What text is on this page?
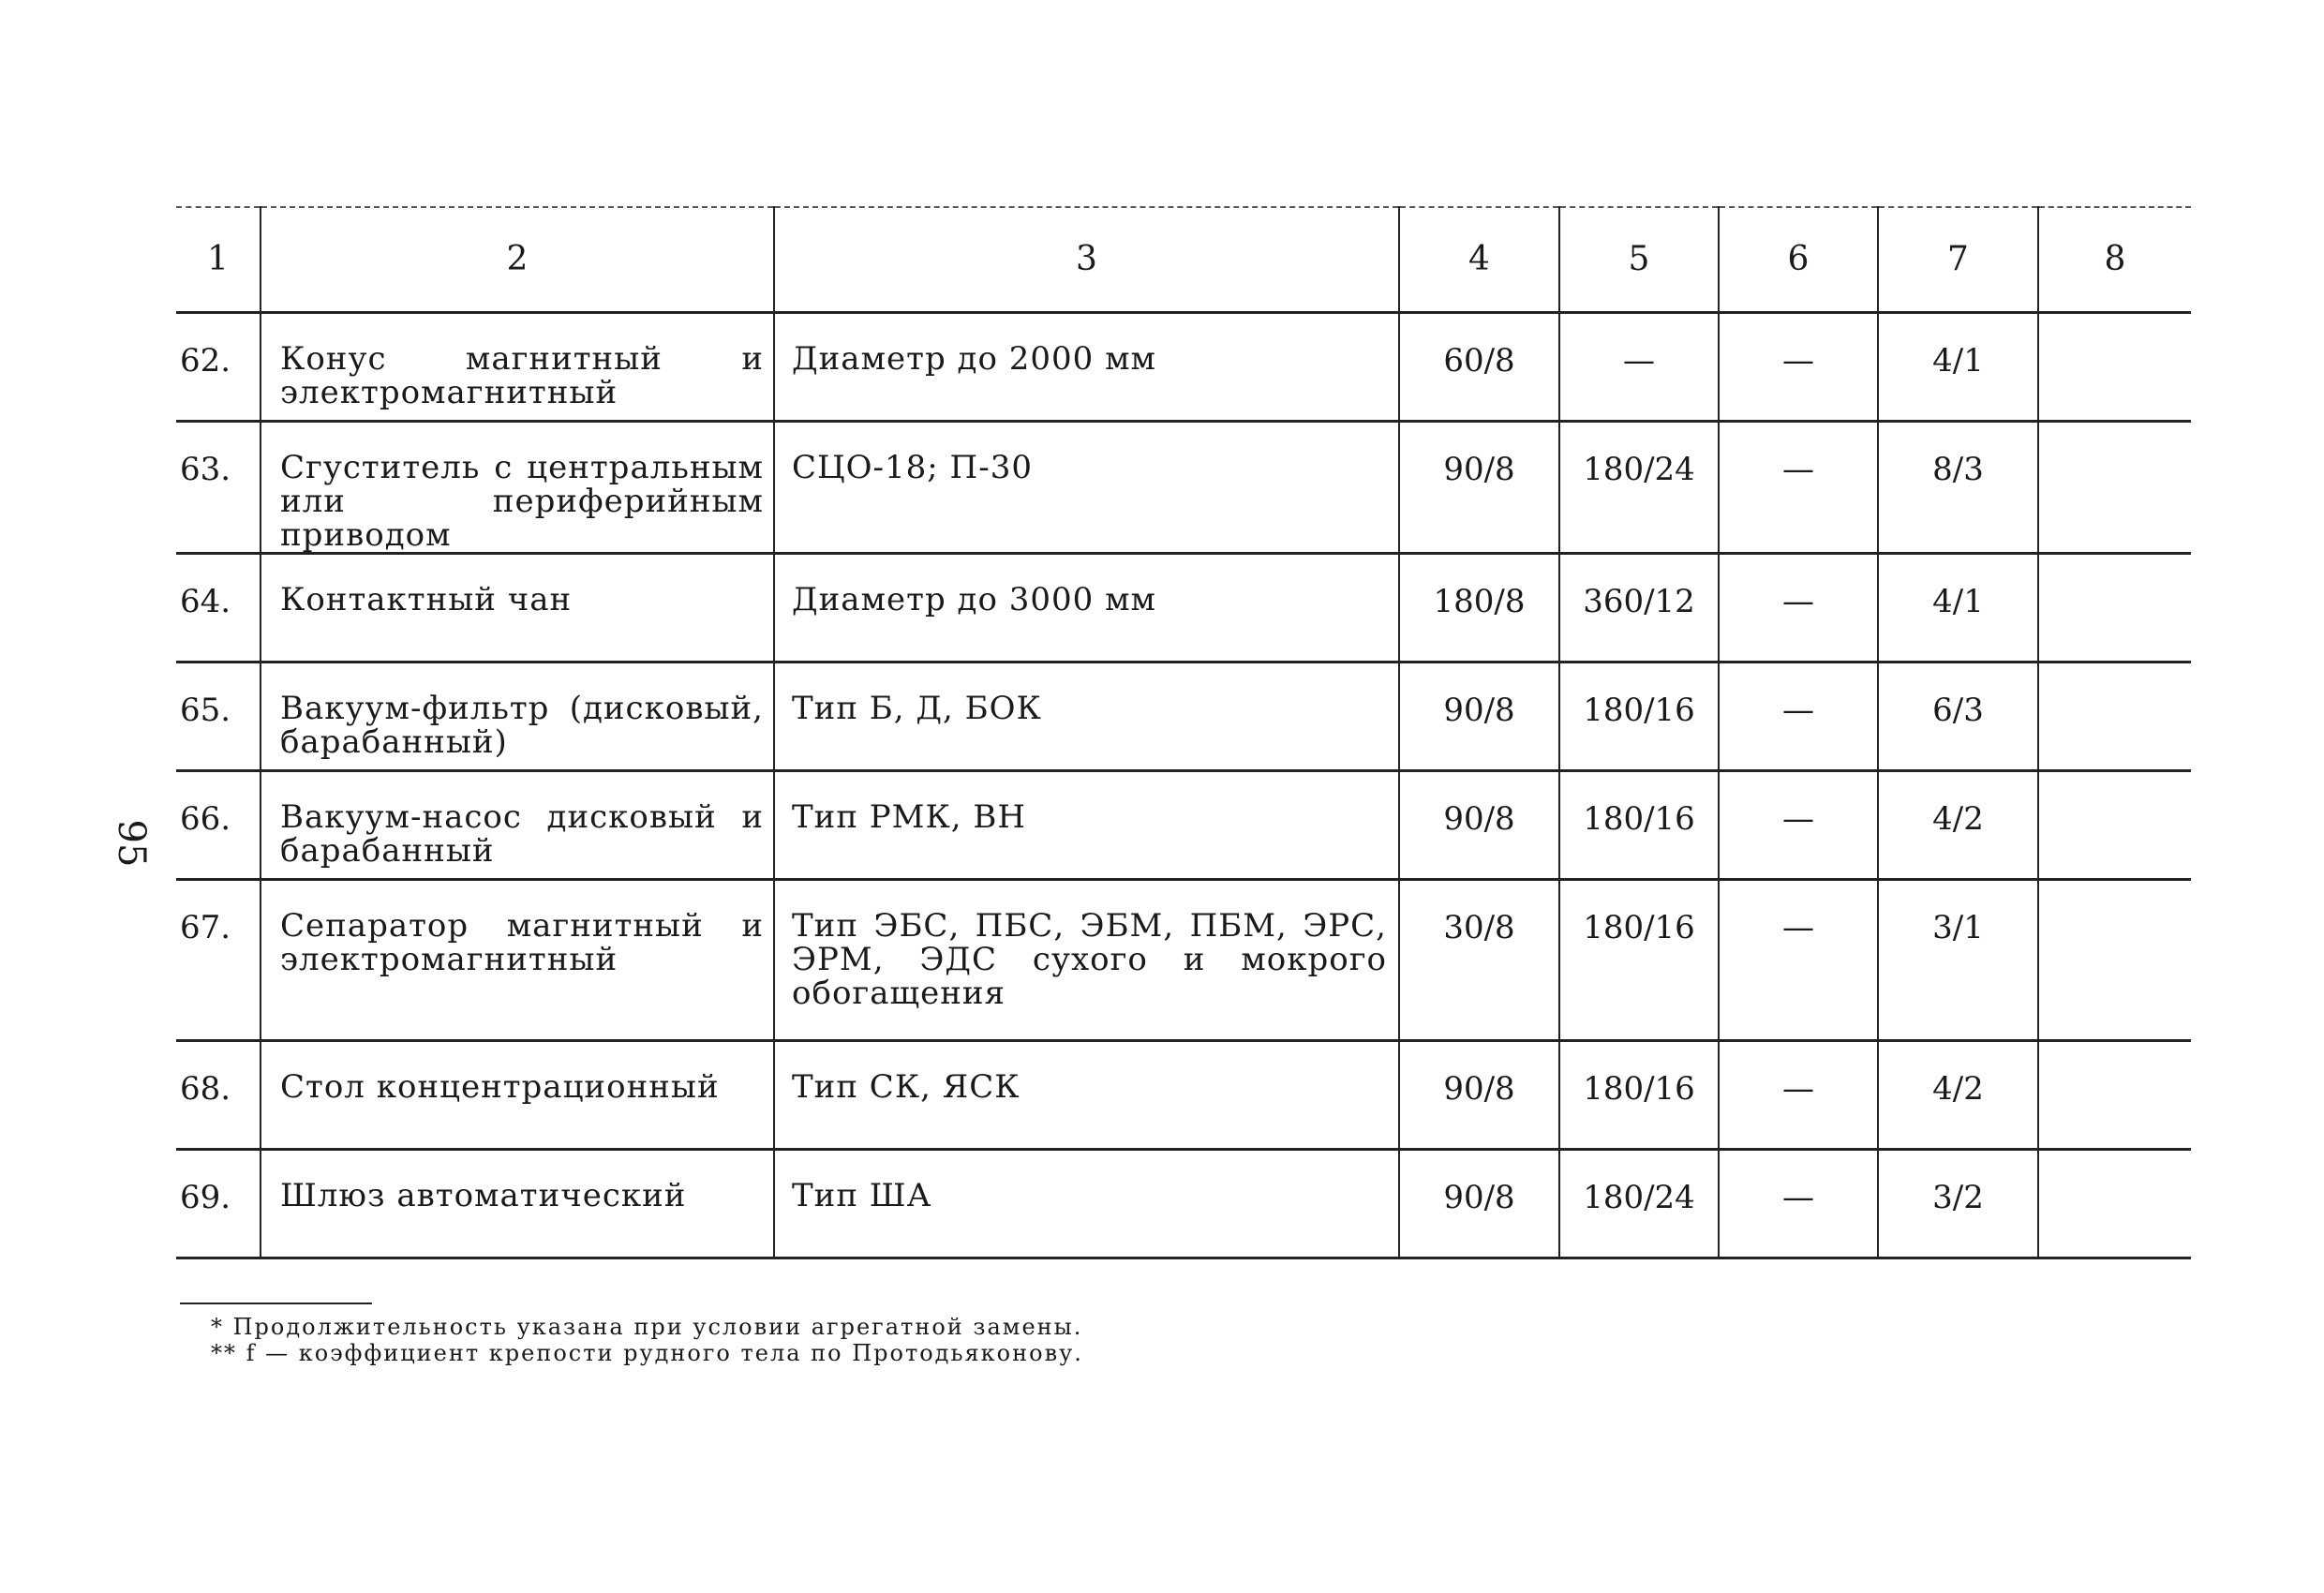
95
1	2	3	4	5	6	7	8
62.	Конус магнитный и электромагнитный	Диаметр до 2000 мм	60/8	—	—	4/1	
63.	Сгуститель с центральным или периферийным приводом	СЦО-18; П-30	90/8	180/24	—	8/3	
64.	Контактный чан	Диаметр до 3000 мм	180/8	360/12	—	4/1	
65.	Вакуум-фильтр (дисковый, барабанный)	Тип Б, Д, БОК	90/8	180/16	—	6/3	
66.	Вакуум-насос дисковый и барабанный	Тип РМК, ВН	90/8	180/16	—	4/2	
67.	Сепаратор магнитный и электромагнитный	Тип ЭБС, ПБС, ЭБМ, ПБМ, ЭРС, ЭРМ, ЭДС сухого и мокрого обогащения	30/8	180/16	—	3/1	
68.	Стол концентрационный	Тип СК, ЯСК	90/8	180/16	—	4/2	
69.	Шлюз автоматический	Тип ША	90/8	180/24	—	3/2	

* Продолжительность указана при условии агрегатной замены.

** f — коэффициент крепости рудного тела по Протодьяконову.
